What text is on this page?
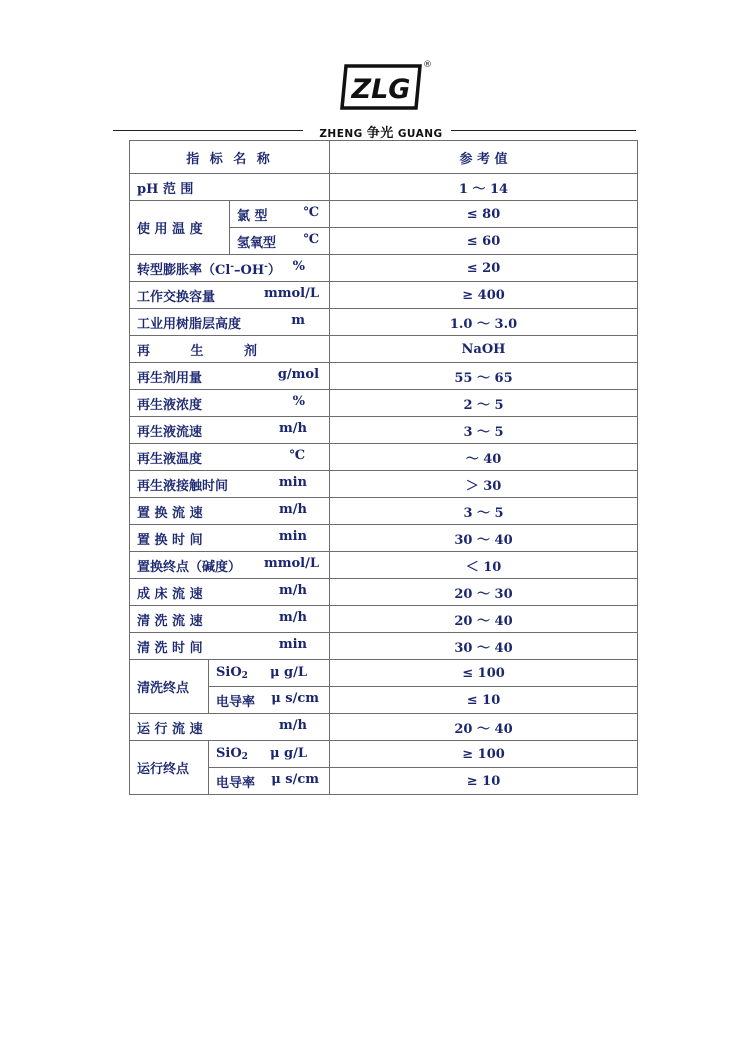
ZLG
®
ZHENG 争光 GUANG
指 标 名 称			参 考 值
pH 范 围			1 ～ 14
使 用 温 度		氯 型 ℃	≤ 80
		氢氧型 ℃	≤ 60
转型膨胀率（Cl-–OH-） %			≤ 20
工作交换容量 mmol/L			≥ 400
工业用树脂层高度 m			1.0 ～ 3.0
再 生 剂			NaOH
再生剂用量 g/mol			55 ～ 65
再生液浓度 %			2 ～ 5
再生液流速 m/h			3 ～ 5
再生液温度 ℃			～ 40
再生液接触时间 min			＞ 30
置 换 流 速 m/h			3 ～ 5
置 换 时 间 min			30 ～ 40
置换终点（碱度） mmol/L			＜ 10
成 床 流 速 m/h			20 ～ 30
清 洗 流 速 m/h			20 ～ 40
清 洗 时 间 min			30 ～ 40
清洗终点	SiO$_2$ μ g/L		≤ 100
	电导率 μ s/cm		≤ 10
运 行 流 速 m/h			20 ～ 40
运行终点	SiO$_2$ μ g/L		≥ 100
	电导率 μ s/cm		≥ 10
